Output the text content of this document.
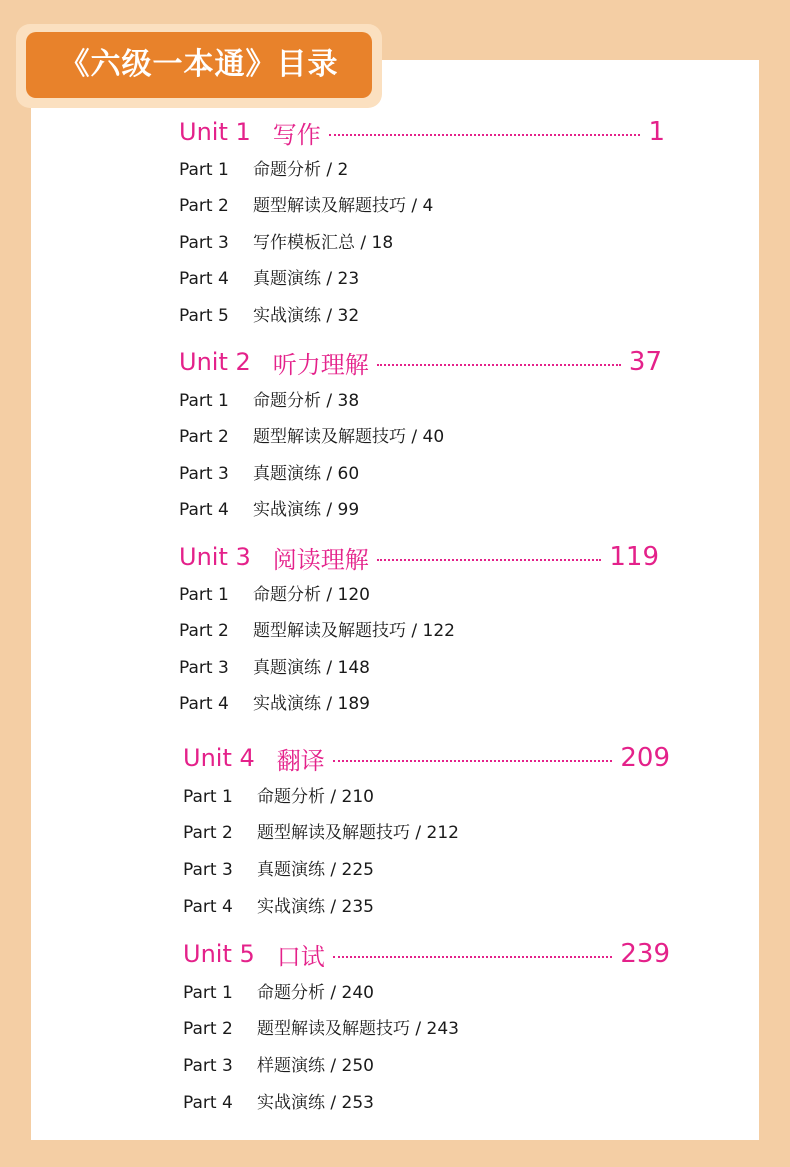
《六级一本通》目录
Unit 1 写作	1
Part 1 命题分析 / 2
Part 2 题型解读及解题技巧 / 4
Part 3 写作模板汇总 / 18
Part 4 真题演练 / 23
Part 5 实战演练 / 32
Unit 2 听力理解	37
Part 1 命题分析 / 38
Part 2 题型解读及解题技巧 / 40
Part 3 真题演练 / 60
Part 4 实战演练 / 99
Unit 3 阅读理解	119
Part 1 命题分析 / 120
Part 2 题型解读及解题技巧 / 122
Part 3 真题演练 / 148
Part 4 实战演练 / 189
Unit 4 翻译	209
Part 1 命题分析 / 210
Part 2 题型解读及解题技巧 / 212
Part 3 真题演练 / 225
Part 4 实战演练 / 235
Unit 5 口试	239
Part 1 命题分析 / 240
Part 2 题型解读及解题技巧 / 243
Part 3 样题演练 / 250
Part 4 实战演练 / 253
